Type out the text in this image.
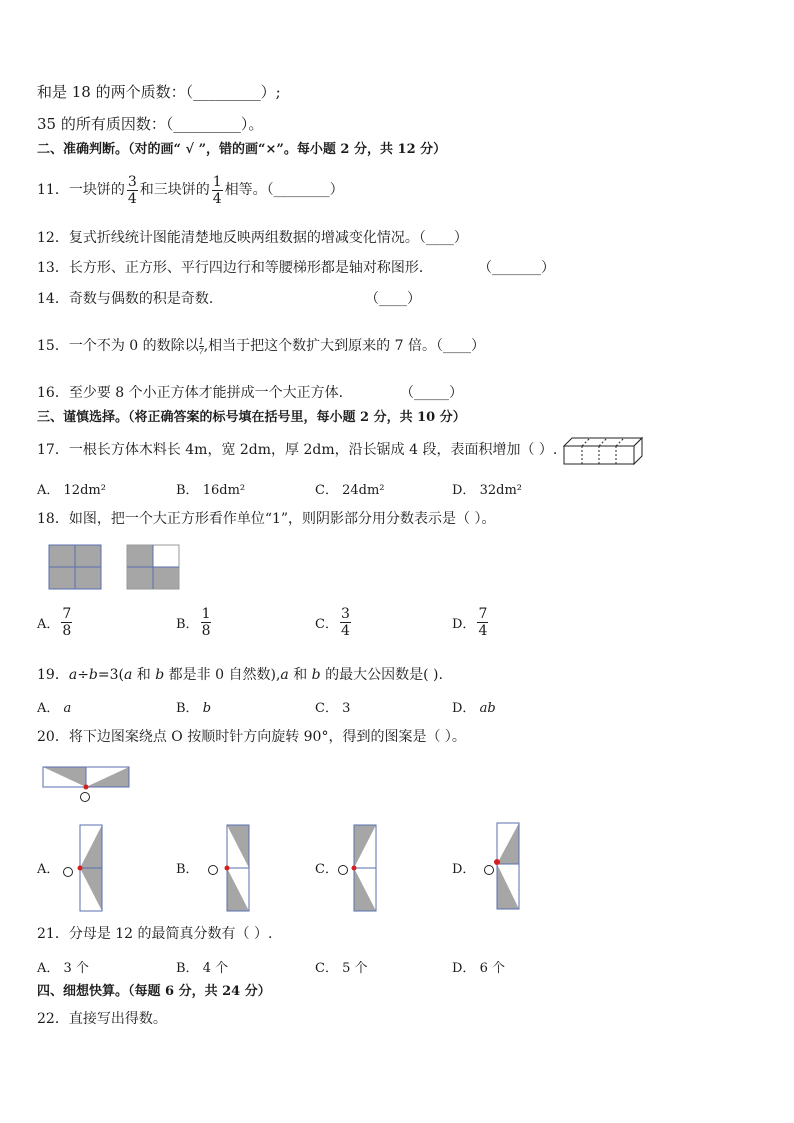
和是 18 的两个质数：（_________）;
35 的所有质因数：（_________）。
二、准确判断。（对的画“ √ ”，错的画“×”。每小题 2 分，共 12 分）
11．一块饼的 $\frac{3}{4}$ 和三块饼的 $\frac{1}{4}$ 相等。（________）
12．复式折线统计图能清楚地反映两组数据的增减变化情况。（____）
13．长方形、正方形、平行四边行和等腰梯形都是轴对称图形．	（_______）
14．奇数与偶数的积是奇数．	（____）
15．一个不为 0 的数除以 $\frac{1}{7}$ ,相当于把这个数扩大到原来的 7 倍。（____）
16．至少要 8 个小正方体才能拼成一个大正方体．	（_____）
三、谨慎选择。（将正确答案的标号填在括号里，每小题 2 分，共 10 分）
17．一根长方体木料长 4m，宽 2dm，厚 2dm，沿长锯成 4 段，表面积增加（ ）.
A． 12dm²	B． 16dm²	C． 24dm²	D． 32dm²
18．如图，把一个大正方形看作单位“1”，则阴影部分用分数表示是（ ）。
A． $\frac{7}{8}$	B． $\frac{1}{8}$	C． $\frac{3}{4}$	D． $\frac{7}{4}$
19．a÷b=3(a 和 b 都是非 0 自然数),a 和 b 的最大公因数是( ).
A． a	B． b	C． 3	D． ab
20．将下边图案绕点 O 按顺时针方向旋转 90°，得到的图案是（ ）。
A．	B．	C．	D．
21．分母是 12 的最简真分数有（ ）.
A． 3 个	B． 4 个	C． 5 个	D． 6 个
四、细想快算。（每题 6 分，共 24 分）
22．直接写出得数。
